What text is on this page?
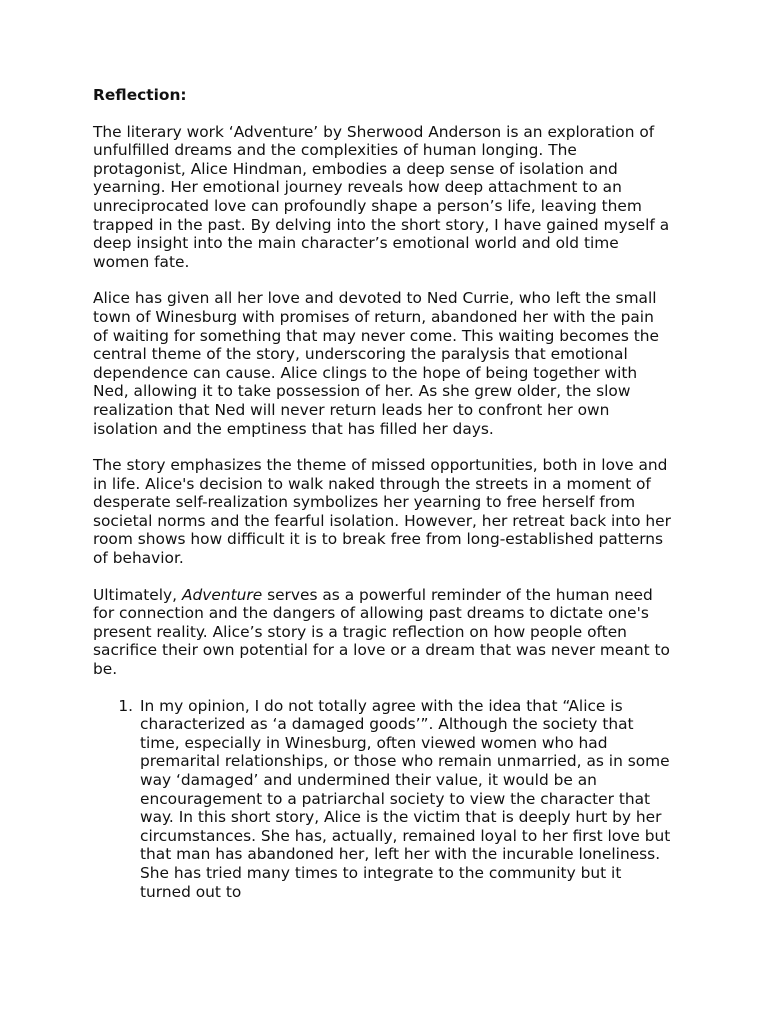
Reflection:

The literary work ‘Adventure’ by Sherwood Anderson is an exploration of unfulfilled dreams and the complexities of human longing. The protagonist, Alice Hindman, embodies a deep sense of isolation and yearning. Her emotional journey reveals how deep attachment to an unreciprocated love can profoundly shape a person’s life, leaving them trapped in the past. By delving into the short story, I have gained myself a deep insight into the main character’s emotional world and old time women fate.

Alice has given all her love and devoted to Ned Currie, who left the small town of Winesburg with promises of return, abandoned her with the pain of waiting for something that may never come. This waiting becomes the central theme of the story, underscoring the paralysis that emotional dependence can cause. Alice clings to the hope of being together with Ned, allowing it to take possession of her. As she grew older, the slow realization that Ned will never return leads her to confront her own isolation and the emptiness that has filled her days.

The story emphasizes the theme of missed opportunities, both in love and in life. Alice's decision to walk naked through the streets in a moment of desperate self-realization symbolizes her yearning to free herself from societal norms and the fearful isolation. However, her retreat back into her room shows how difficult it is to break free from long-established patterns of behavior.

Ultimately, Adventure serves as a powerful reminder of the human need for connection and the dangers of allowing past dreams to dictate one's present reality. Alice’s story is a tragic reflection on how people often sacrifice their own potential for a love or a dream that was never meant to be.

1. In my opinion, I do not totally agree with the idea that “Alice is characterized as ‘a damaged goods’”. Although the society that time, especially in Winesburg, often viewed women who had premarital relationships, or those who remain unmarried, as in some way ‘damaged’ and undermined their value, it would be an encouragement to a patriarchal society to view the character that way. In this short story, Alice is the victim that is deeply hurt by her circumstances. She has, actually, remained loyal to her first love but that man has abandoned her, left her with the incurable loneliness. She has tried many times to integrate to the community but it turned out to
